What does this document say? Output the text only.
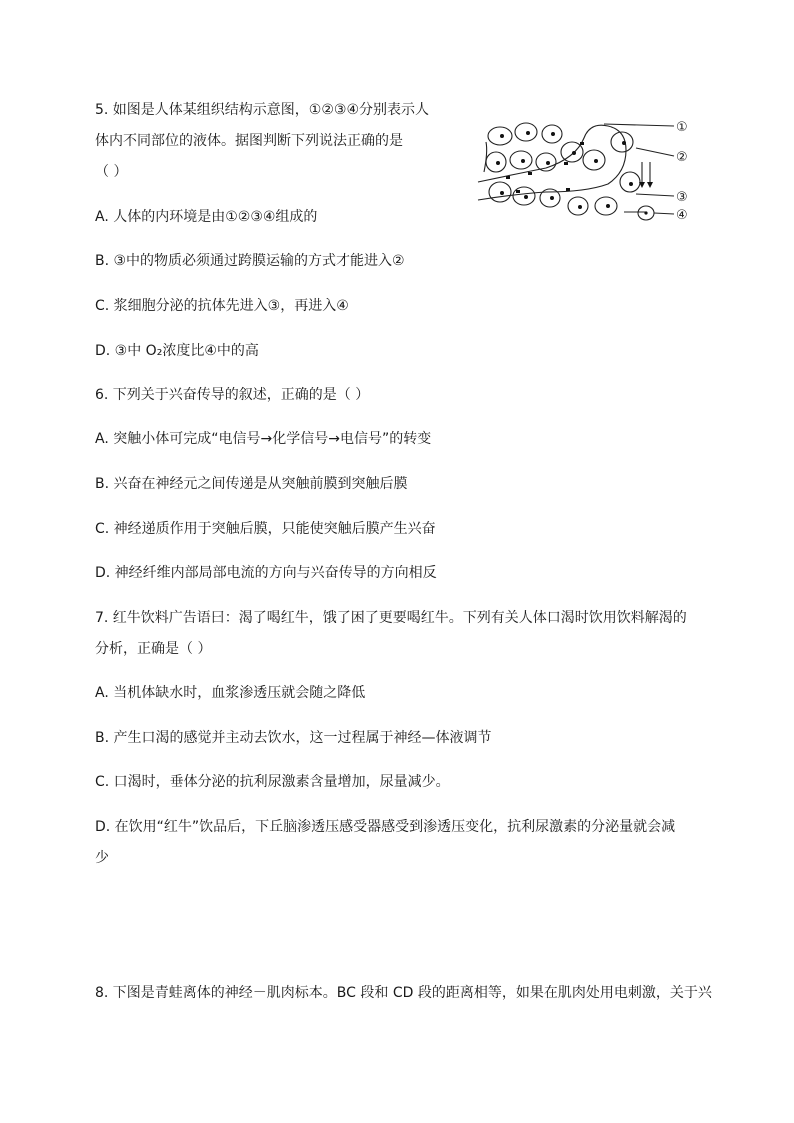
5. 如图是人体某组织结构示意图，①②③④分别表示人
体内不同部位的液体。据图判断下列说法正确的是
（ ）
①
②
③
④
A. 人体的内环境是由①②③④组成的
B. ③中的物质必须通过跨膜运输的方式才能进入②
C. 浆细胞分泌的抗体先进入③，再进入④
D. ③中 O₂浓度比④中的高
6. 下列关于兴奋传导的叙述，正确的是（ ）
A. 突触小体可完成“电信号→化学信号→电信号”的转变
B. 兴奋在神经元之间传递是从突触前膜到突触后膜
C. 神经递质作用于突触后膜，只能使突触后膜产生兴奋
D. 神经纤维内部局部电流的方向与兴奋传导的方向相反
7. 红牛饮料广告语曰：渴了喝红牛，饿了困了更要喝红牛。下列有关人体口渴时饮用饮料解渴的
分析，正确是（ ）
A. 当机体缺水时，血浆渗透压就会随之降低
B. 产生口渴的感觉并主动去饮水，这一过程属于神经—体液调节
C. 口渴时，垂体分泌的抗利尿激素含量增加，尿量减少。
D. 在饮用“红牛”饮品后，下丘脑渗透压感受器感受到渗透压变化，抗利尿激素的分泌量就会减
少
8. 下图是青蛙离体的神经－肌肉标本。BC 段和 CD 段的距离相等，如果在肌肉处用电刺激，关于兴
